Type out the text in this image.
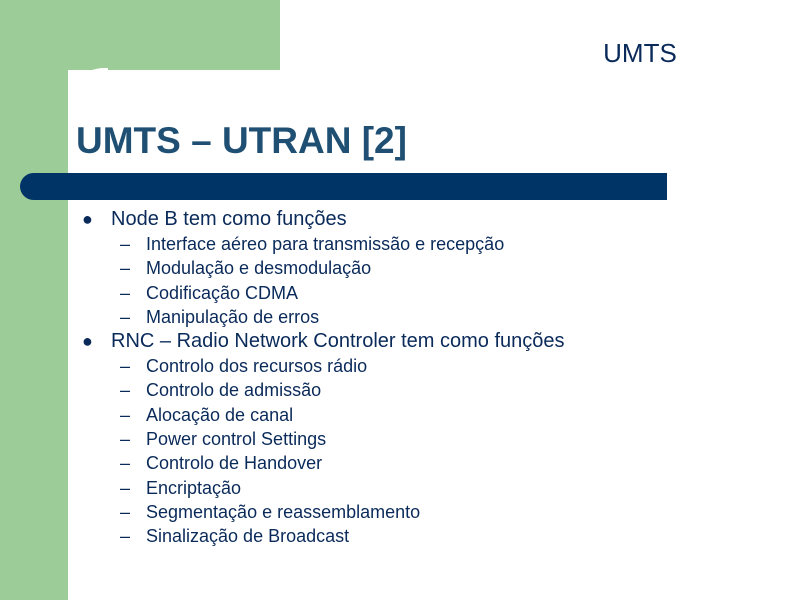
UMTS
UMTS – UTRAN [2]
● Node B tem como funções
– Interface aéreo para transmissão e recepção
– Modulação e desmodulação
– Codificação CDMA
– Manipulação de erros
● RNC – Radio Network Controler tem como funções
– Controlo dos recursos rádio
– Controlo de admissão
– Alocação de canal
– Power control Settings
– Controlo de Handover
– Encriptação
– Segmentação e reassemblamento
– Sinalização de Broadcast
